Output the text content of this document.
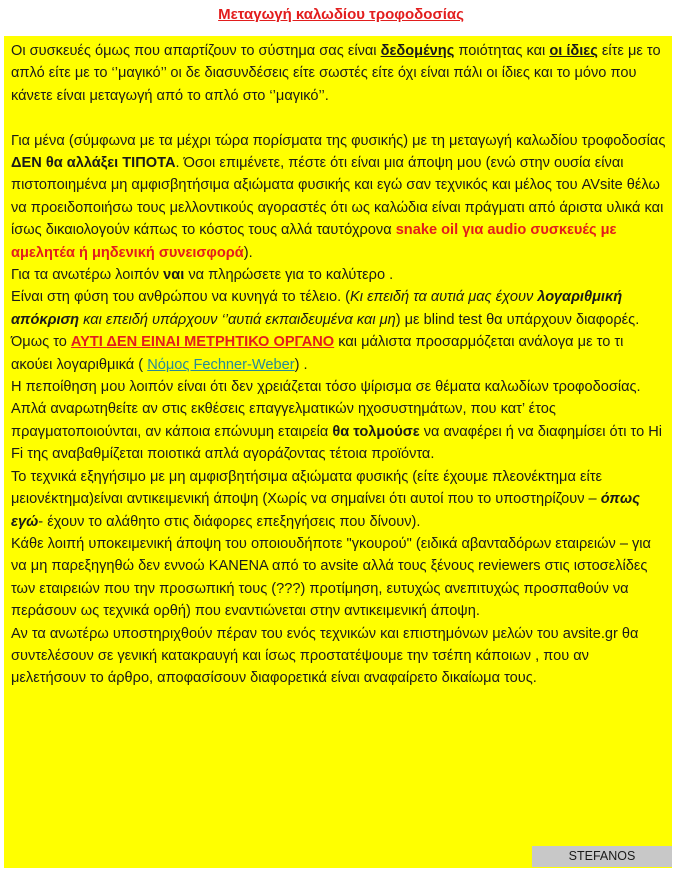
Μεταγωγή καλωδίου τροφοδοσίας

Οι συσκευές όμως που απαρτίζουν το σύστημα σας είναι δεδομένης ποιότητας και οι ίδιες είτε με το απλό είτε με το ‘’μαγικό’’ οι δε διασυνδέσεις είτε σωστές είτε όχι είναι πάλι οι ίδιες και το μόνο που κάνετε είναι μεταγωγή από το απλό στο ‘’μαγικό’’.

Για μένα (σύμφωνα με τα μέχρι τώρα πορίσματα της φυσικής) με τη μεταγωγή καλωδίου τροφοδοσίας ΔΕΝ θα αλλάξει ΤΙΠΟΤΑ. Όσοι επιμένετε, πέστε ότι είναι μια άποψη μου (ενώ στην ουσία είναι πιστοποιημένα μη αμφισβητήσιμα αξιώματα φυσικής και εγώ σαν τεχνικός και μέλος του AVsite θέλω να προειδοποιήσω τους μελλοντικούς αγοραστές ότι ως καλώδια είναι πράγματι από άριστα υλικά και ίσως δικαιολογούν κάπως το κόστος τους αλλά ταυτόχρονα snake oil για audio συσκευές με αμελητέα ή μηδενική συνεισφορά).

Για τα ανωτέρω λοιπόν ναι να πληρώσετε για το καλύτερο .

Είναι στη φύση του ανθρώπου να κυνηγά το τέλειο. (Κι επειδή τα αυτιά μας έχουν λογαριθμική απόκριση και επειδή υπάρχουν ‘’αυτιά εκπαιδευμένα και μη) με blind test θα υπάρχουν διαφορές. Όμως το ΑΥΤΙ ΔΕΝ ΕΙΝΑΙ ΜΕΤΡΗΤΙΚΟ ΟΡΓΑΝΟ και μάλιστα προσαρμόζεται ανάλογα με το τι ακούει λογαριθμικά ( Νόμος Fechner-Weber) .

Η πεποίθηση μου λοιπόν είναι ότι δεν χρειάζεται τόσο ψίρισμα σε θέματα καλωδίων τροφοδοσίας.

Απλά αναρωτηθείτε αν στις εκθέσεις επαγγελματικών ηχοσυστημάτων, που κατ’ έτος πραγματοποιούνται, αν κάποια επώνυμη εταιρεία θα τολμούσε να αναφέρει ή να διαφημίσει ότι το Hi Fi της αναβαθμίζεται ποιοτικά απλά αγοράζοντας τέτοια προϊόντα.

Το τεχνικά εξηγήσιμο με μη αμφισβητήσιμα αξιώματα φυσικής (είτε έχουμε πλεονέκτημα είτε μειονέκτημα)είναι αντικειμενική άποψη (Χωρίς να σημαίνει ότι αυτοί που το υποστηρίζουν – όπως εγώ- έχουν το αλάθητο στις διάφορες επεξηγήσεις που δίνουν).

Κάθε λοιπή υποκειμενική άποψη του οποιουδήποτε "γκουρού" (ειδικά αβανταδόρων εταιρειών – για να μη παρεξηγηθώ δεν εννοώ ΚΑΝΕΝΑ από το avsite αλλά τους ξένους reviewers στις ιστοσελίδες των εταιρειών που την προσωπική τους (???) προτίμηση, ευτυχώς ανεπιτυχώς προσπαθούν να περάσουν ως τεχνικά ορθή) που εναντιώνεται στην αντικειμενική άποψη.

Αν τα ανωτέρω υποστηριχθούν πέραν του ενός τεχνικών και επιστημόνων μελών του avsite.gr θα συντελέσουν σε γενική κατακραυγή και ίσως προστατέψουμε την τσέπη κάποιων , που αν μελετήσουν το άρθρο, αποφασίσουν διαφορετικά είναι αναφαίρετο δικαίωμα τους.

STEFANOS
